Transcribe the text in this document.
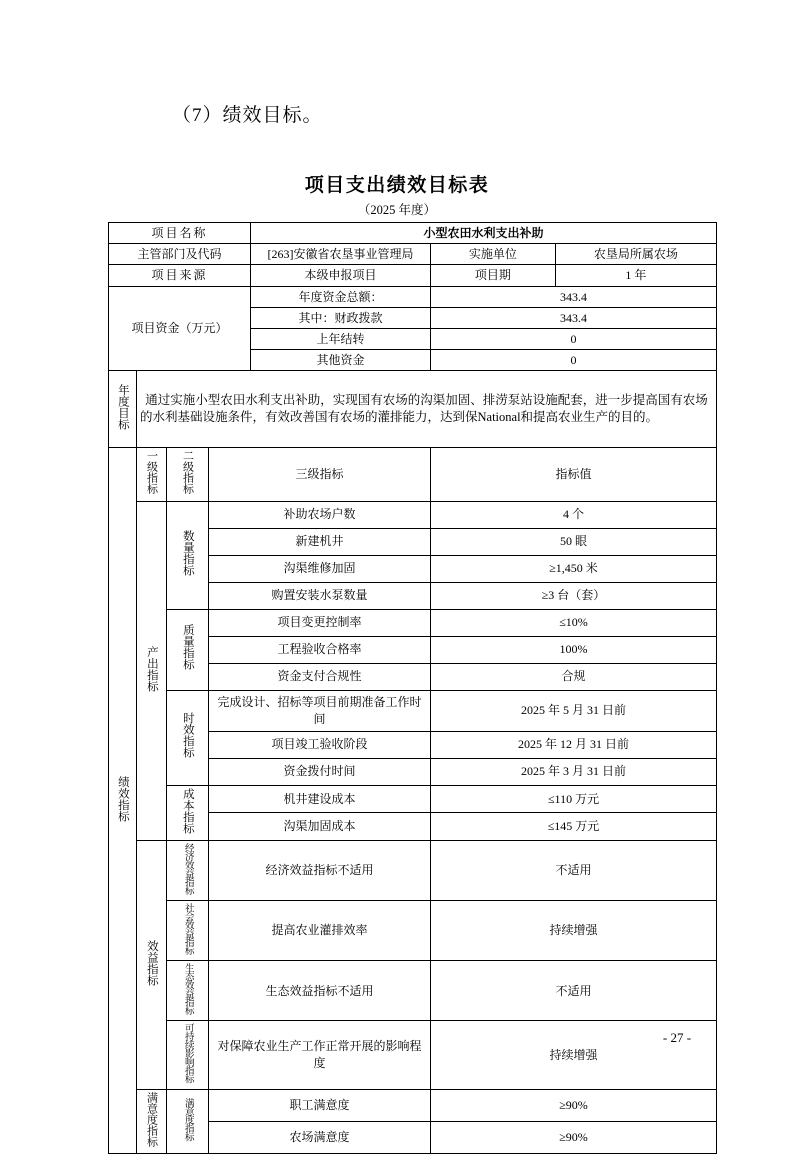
（7）绩效目标。
项目支出绩效目标表
（2025 年度）
项目名称	小型农田水利支出补助
主管部门及代码	[263]安徽省农垦事业管理局		实施单位	农垦局所属农场

项目来源	本级申报项目		项目期	1 年

项目资金（万元）	年度资金总额：	343.4
其中：财政拨款	343.4
上年结转	0
其他资金	0
年度目标	通过实施小型农田水利支出补助，实现国有农场的沟渠加固、排涝泵站设施配套，进一步提高国有农场的水利基础设施条件，有效改善国有农场的灌排能力，达到保National和提高农业生产的目的。
绩效指标	一级指标	二级指标	三级指标	指标值
产出指标	数量指标	补助农场户数	4 个
新建机井	50 眼
沟渠维修加固	≥1,450 米
购置安装水泵数量	≥3 台（套）
质量指标	项目变更控制率	≤10%
工程验收合格率	100%
资金支付合规性	合规
时效指标	完成设计、招标等项目前期准备工作时间	2025 年 5 月 31 日前
项目竣工验收阶段	2025 年 12 月 31 日前
资金拨付时间	2025 年 3 月 31 日前
成本指标	机井建设成本	≤110 万元
沟渠加固成本	≤145 万元
效益指标	经济效益指标	经济效益指标不适用	不适用
社会效益指标	提高农业灌排效率	持续增强
生态效益指标	生态效益指标不适用	不适用
可持续影响指标	对保障农业生产工作正常开展的影响程度	持续增强
满意度指标	满意度指标	职工满意度	≥90%
农场满意度	≥90%
- 27 -
